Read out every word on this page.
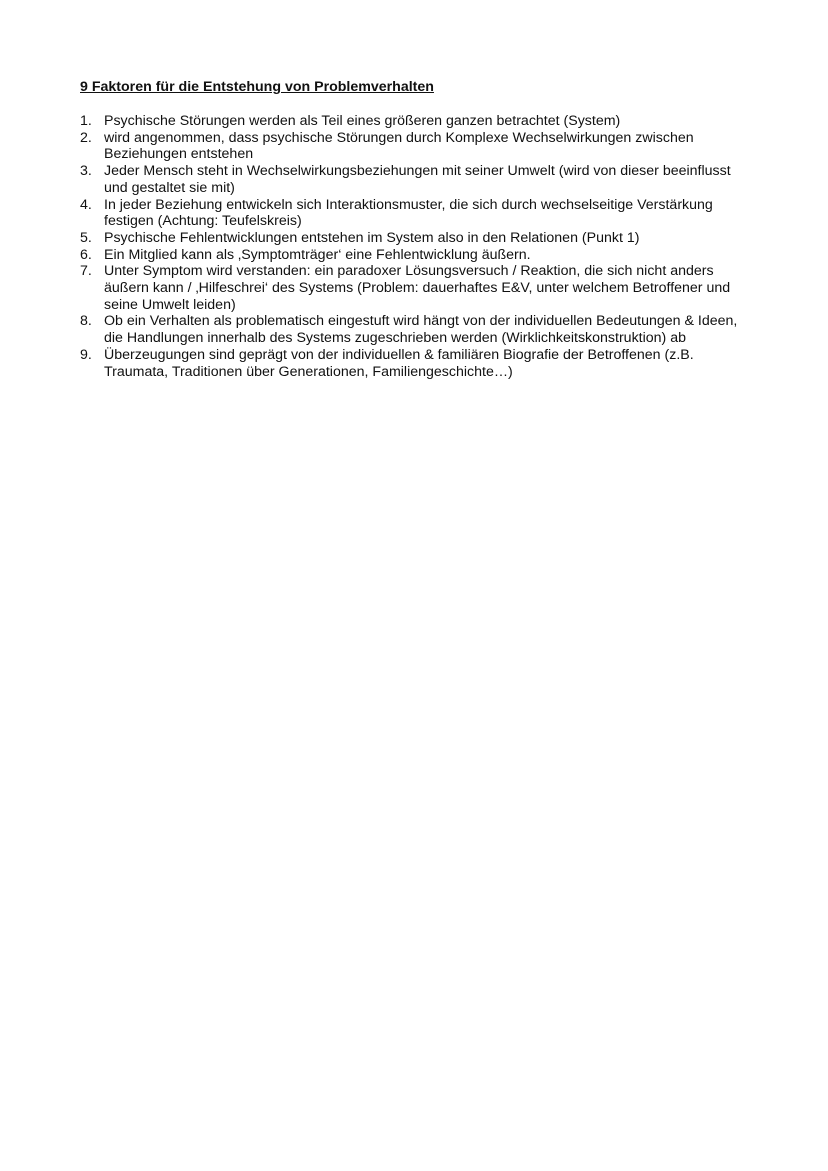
9 Faktoren für die Entstehung von Problemverhalten
1. Psychische Störungen werden als Teil eines größeren ganzen betrachtet (System)
2. wird angenommen, dass psychische Störungen durch Komplexe Wechselwirkungen zwischen Beziehungen entstehen
3. Jeder Mensch steht in Wechselwirkungsbeziehungen mit seiner Umwelt (wird von dieser beeinflusst und gestaltet sie mit)
4. In jeder Beziehung entwickeln sich Interaktionsmuster, die sich durch wechselseitige Verstärkung festigen (Achtung: Teufelskreis)
5. Psychische Fehlentwicklungen entstehen im System also in den Relationen (Punkt 1)
6. Ein Mitglied kann als ‚Symptomträger‘ eine Fehlentwicklung äußern.
7. Unter Symptom wird verstanden: ein paradoxer Lösungsversuch / Reaktion, die sich nicht anders äußern kann / ‚Hilfeschrei‘ des Systems (Problem: dauerhaftes E&V, unter welchem Betroffener und seine Umwelt leiden)
8. Ob ein Verhalten als problematisch eingestuft wird hängt von der individuellen Bedeutungen & Ideen, die Handlungen innerhalb des Systems zugeschrieben werden (Wirklichkeitskonstruktion) ab
9. Überzeugungen sind geprägt von der individuellen & familiären Biografie der Betroffenen (z.B. Traumata, Traditionen über Generationen, Familiengeschichte…)
